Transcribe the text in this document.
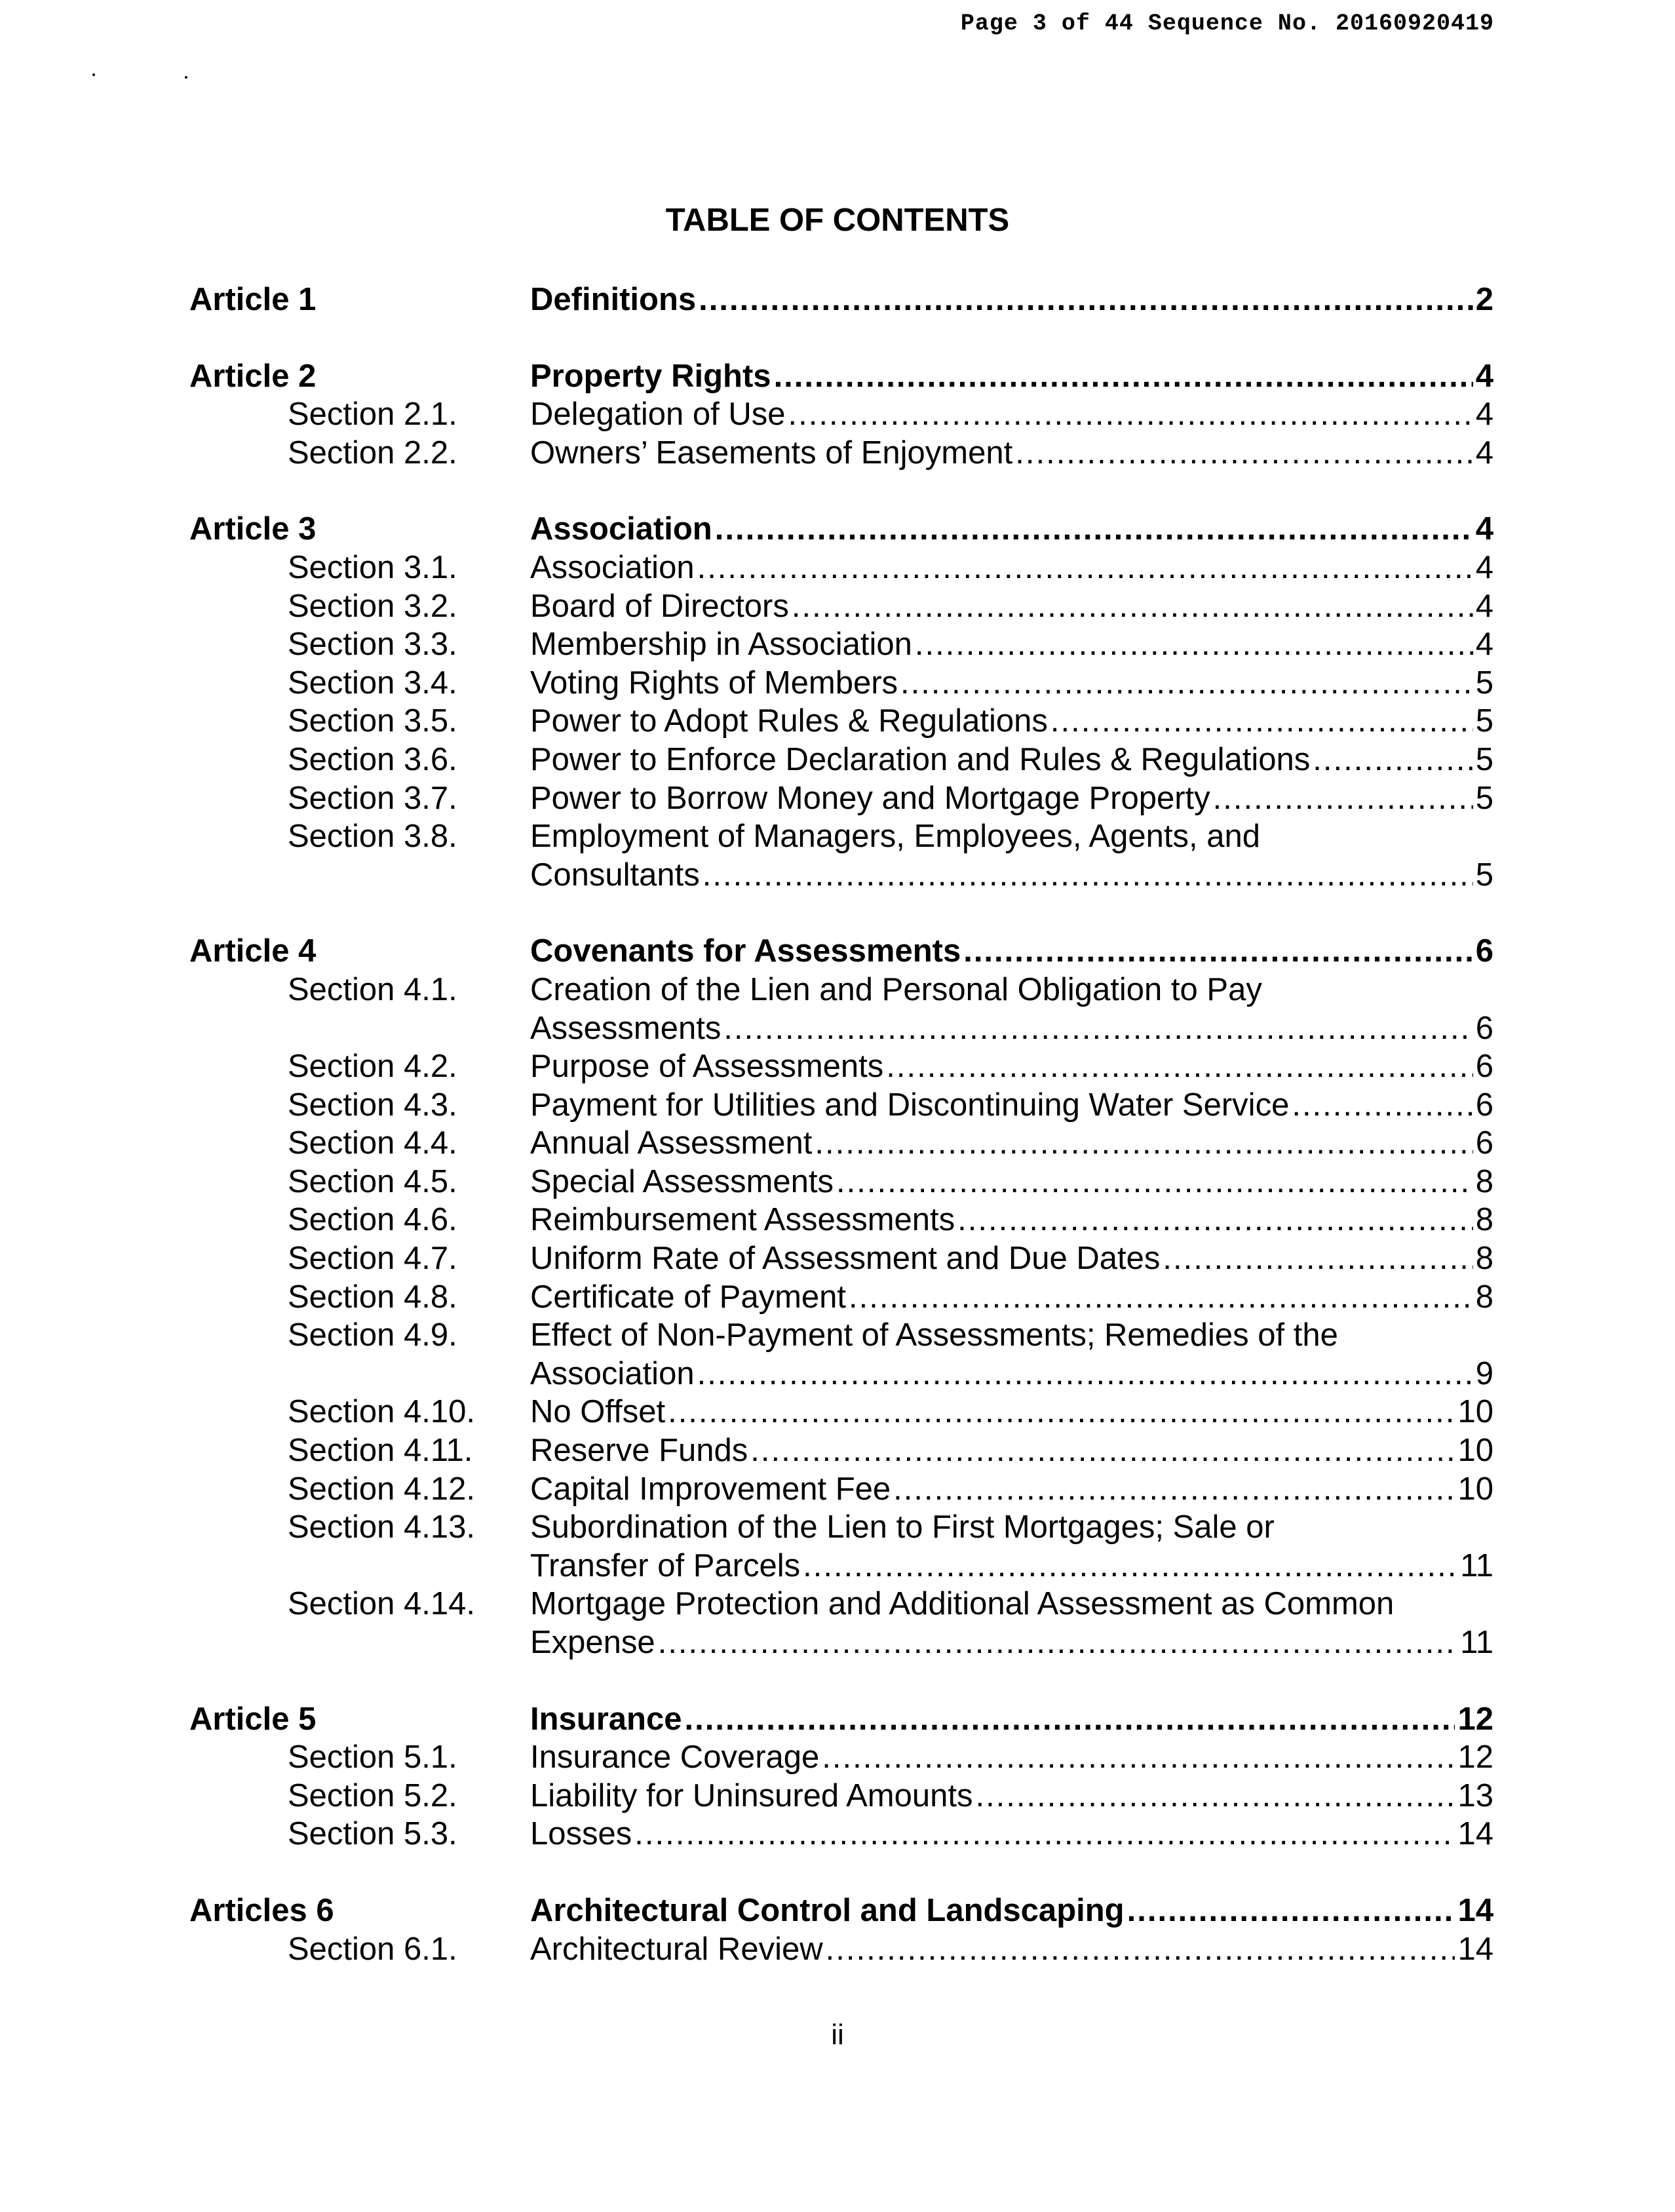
Page 3 of 44 Sequence No. 20160920419
TABLE OF CONTENTS
Article 1	Definitions .....	2
Article 2	Property Rights .....	4
Section 2.1.	Delegation of Use .....	4
Section 2.2.	Owners’ Easements of Enjoyment .....	4
Article 3	Association .....	4
Section 3.1.	Association .....	4
Section 3.2.	Board of Directors .....	4
Section 3.3.	Membership in Association .....	4
Section 3.4.	Voting Rights of Members .....	5
Section 3.5.	Power to Adopt Rules & Regulations .....	5
Section 3.6.	Power to Enforce Declaration and Rules & Regulations .....	5
Section 3.7.	Power to Borrow Money and Mortgage Property .....	5
Section 3.8.	Employment of Managers, Employees, Agents, and
Consultants .....	5
Article 4	Covenants for Assessments .....	6
Section 4.1.	Creation of the Lien and Personal Obligation to Pay
Assessments .....	6
Section 4.2.	Purpose of Assessments .....	6
Section 4.3.	Payment for Utilities and Discontinuing Water Service .....	6
Section 4.4.	Annual Assessment .....	6
Section 4.5.	Special Assessments .....	8
Section 4.6.	Reimbursement Assessments .....	8
Section 4.7.	Uniform Rate of Assessment and Due Dates .....	8
Section 4.8.	Certificate of Payment .....	8
Section 4.9.	Effect of Non-Payment of Assessments; Remedies of the
Association .....	9
Section 4.10.	No Offset .....	10
Section 4.11.	Reserve Funds .....	10
Section 4.12.	Capital Improvement Fee .....	10
Section 4.13.	Subordination of the Lien to First Mortgages; Sale or
Transfer of Parcels .....	11
Section 4.14.	Mortgage Protection and Additional Assessment as Common
Expense .....	11
Article 5	Insurance .....	12
Section 5.1.	Insurance Coverage .....	12
Section 5.2.	Liability for Uninsured Amounts .....	13
Section 5.3.	Losses .....	14
Articles 6	Architectural Control and Landscaping .....	14
Section 6.1.	Architectural Review .....	14
ii
